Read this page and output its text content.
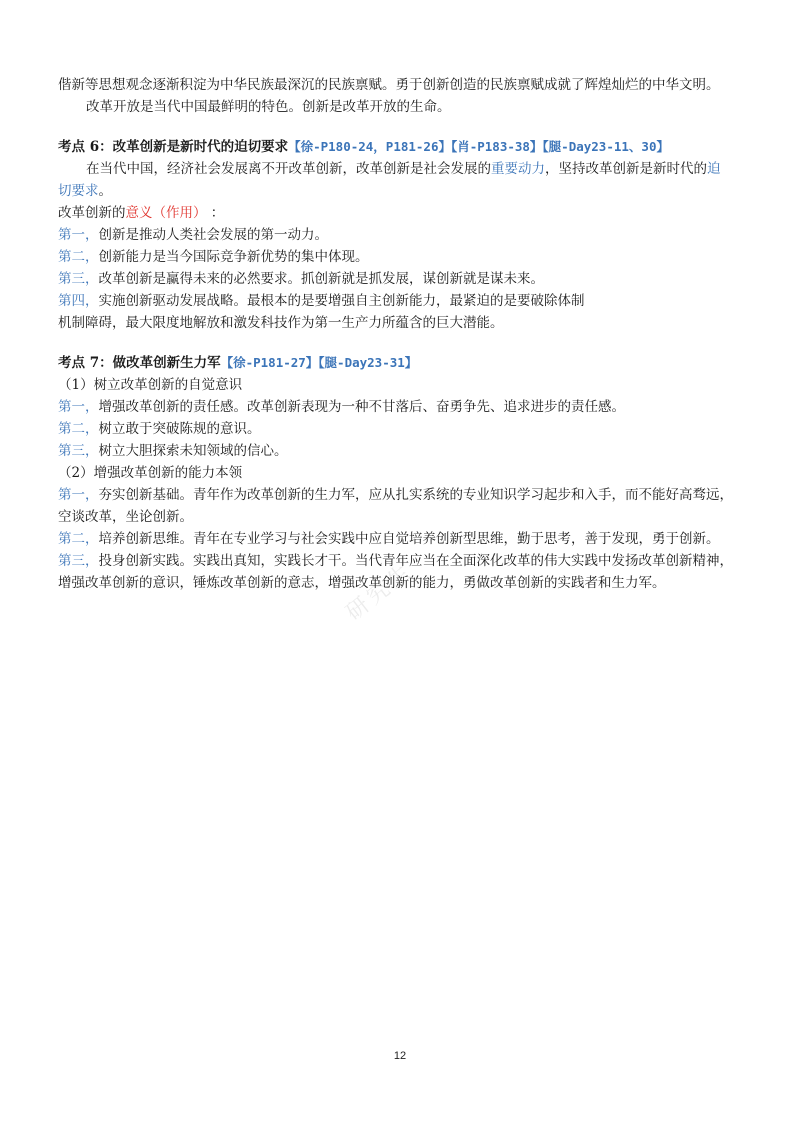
偕新等思想观念逐渐积淀为中华民族最深沉的民族禀赋。勇于创新创造的民族禀赋成就了辉煌灿烂的中华文明。

改革开放是当代中国最鲜明的特色。创新是改革开放的生命。

考点 6：改革创新是新时代的迫切要求【徐-P180-24，P181-26】【肖-P183-38】【腿-Day23-11、30】

在当代中国，经济社会发展离不开改革创新，改革创新是社会发展的重要动力，坚持改革创新是新时代的迫

切要求。

改革创新的意义（作用） ：

第一，创新是推动人类社会发展的第一动力。

第二，创新能力是当今国际竞争新优势的集中体现。

第三，改革创新是赢得未来的必然要求。抓创新就是抓发展，谋创新就是谋未来。

第四，实施创新驱动发展战略。最根本的是要增强自主创新能力，最紧迫的是要破除体制

机制障碍，最大限度地解放和激发科技作为第一生产力所蕴含的巨大潜能。

考点 7：做改革创新生力军【徐-P181-27】【腿-Day23-31】

（1）树立改革创新的自觉意识

第一，增强改革创新的责任感。改革创新表现为一种不甘落后、奋勇争先、追求进步的责任感。

第二，树立敢于突破陈规的意识。

第三，树立大胆探索未知领域的信心。

（2）增强改革创新的能力本领

第一，夯实创新基础。青年作为改革创新的生力军，应从扎实系统的专业知识学习起步和入手，而不能好高骛远，空谈改革，坐论创新。

第二，培养创新思维。青年在专业学习与社会实践中应自觉培养创新型思维，勤于思考，善于发现，勇于创新。

第三，投身创新实践。实践出真知，实践长才干。当代青年应当在全面深化改革的伟大实践中发扬改革创新精神，增强改革创新的意识，锤炼改革创新的意志，增强改革创新的能力，勇做改革创新的实践者和生力军。

研究生
12
